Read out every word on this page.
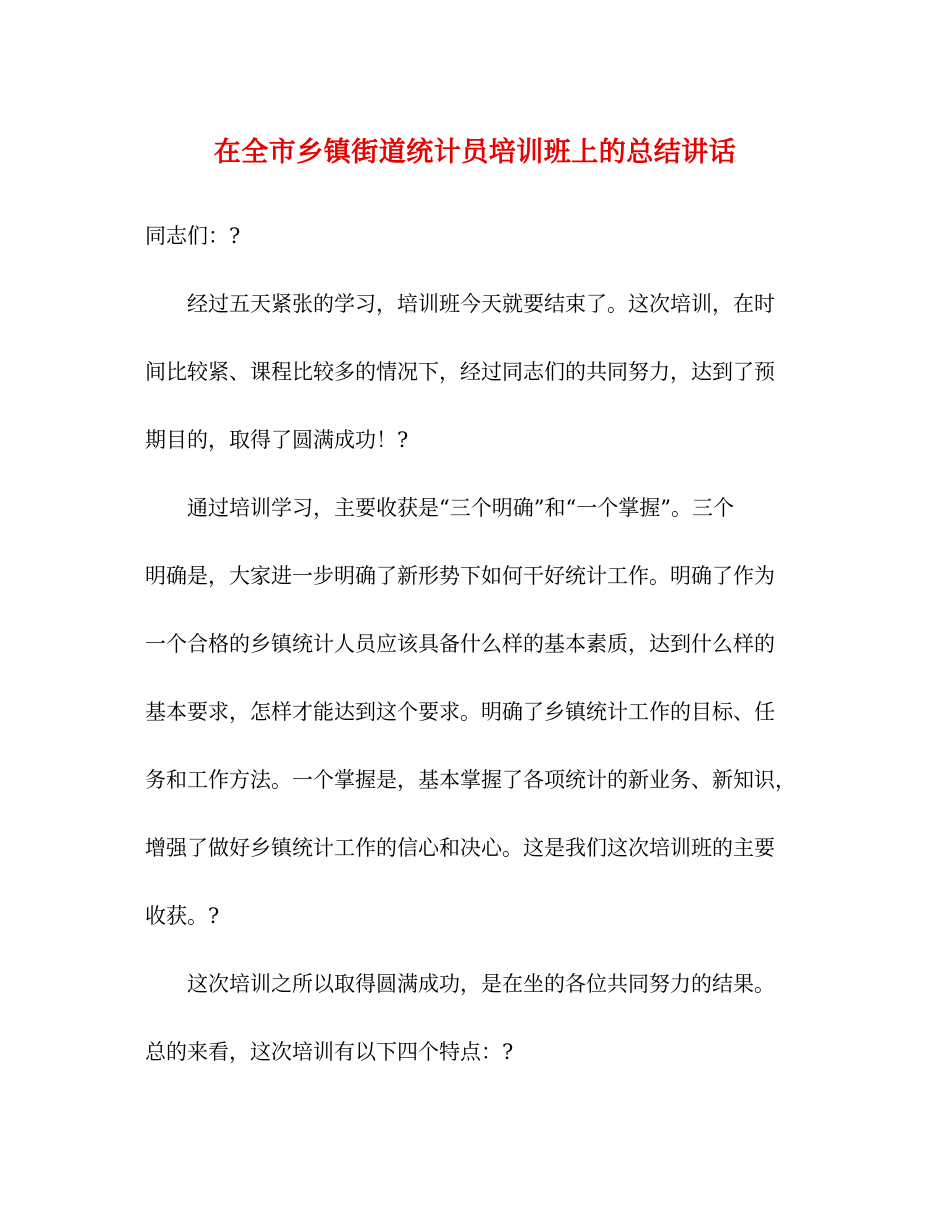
在全市乡镇街道统计员培训班上的总结讲话
同志们：?
经过五天紧张的学习，培训班今天就要结束了。这次培训，在时
间比较紧、课程比较多的情况下，经过同志们的共同努力，达到了预
期目的，取得了圆满成功！?
通过培训学习，主要收获是“三个明确”和“一个掌握”。三个
明确是，大家进一步明确了新形势下如何干好统计工作。明确了作为
一个合格的乡镇统计人员应该具备什么样的基本素质，达到什么样的
基本要求，怎样才能达到这个要求。明确了乡镇统计工作的目标、任
务和工作方法。一个掌握是，基本掌握了各项统计的新业务、新知识，
增强了做好乡镇统计工作的信心和决心。这是我们这次培训班的主要
收获。?
这次培训之所以取得圆满成功，是在坐的各位共同努力的结果。
总的来看，这次培训有以下四个特点：?
